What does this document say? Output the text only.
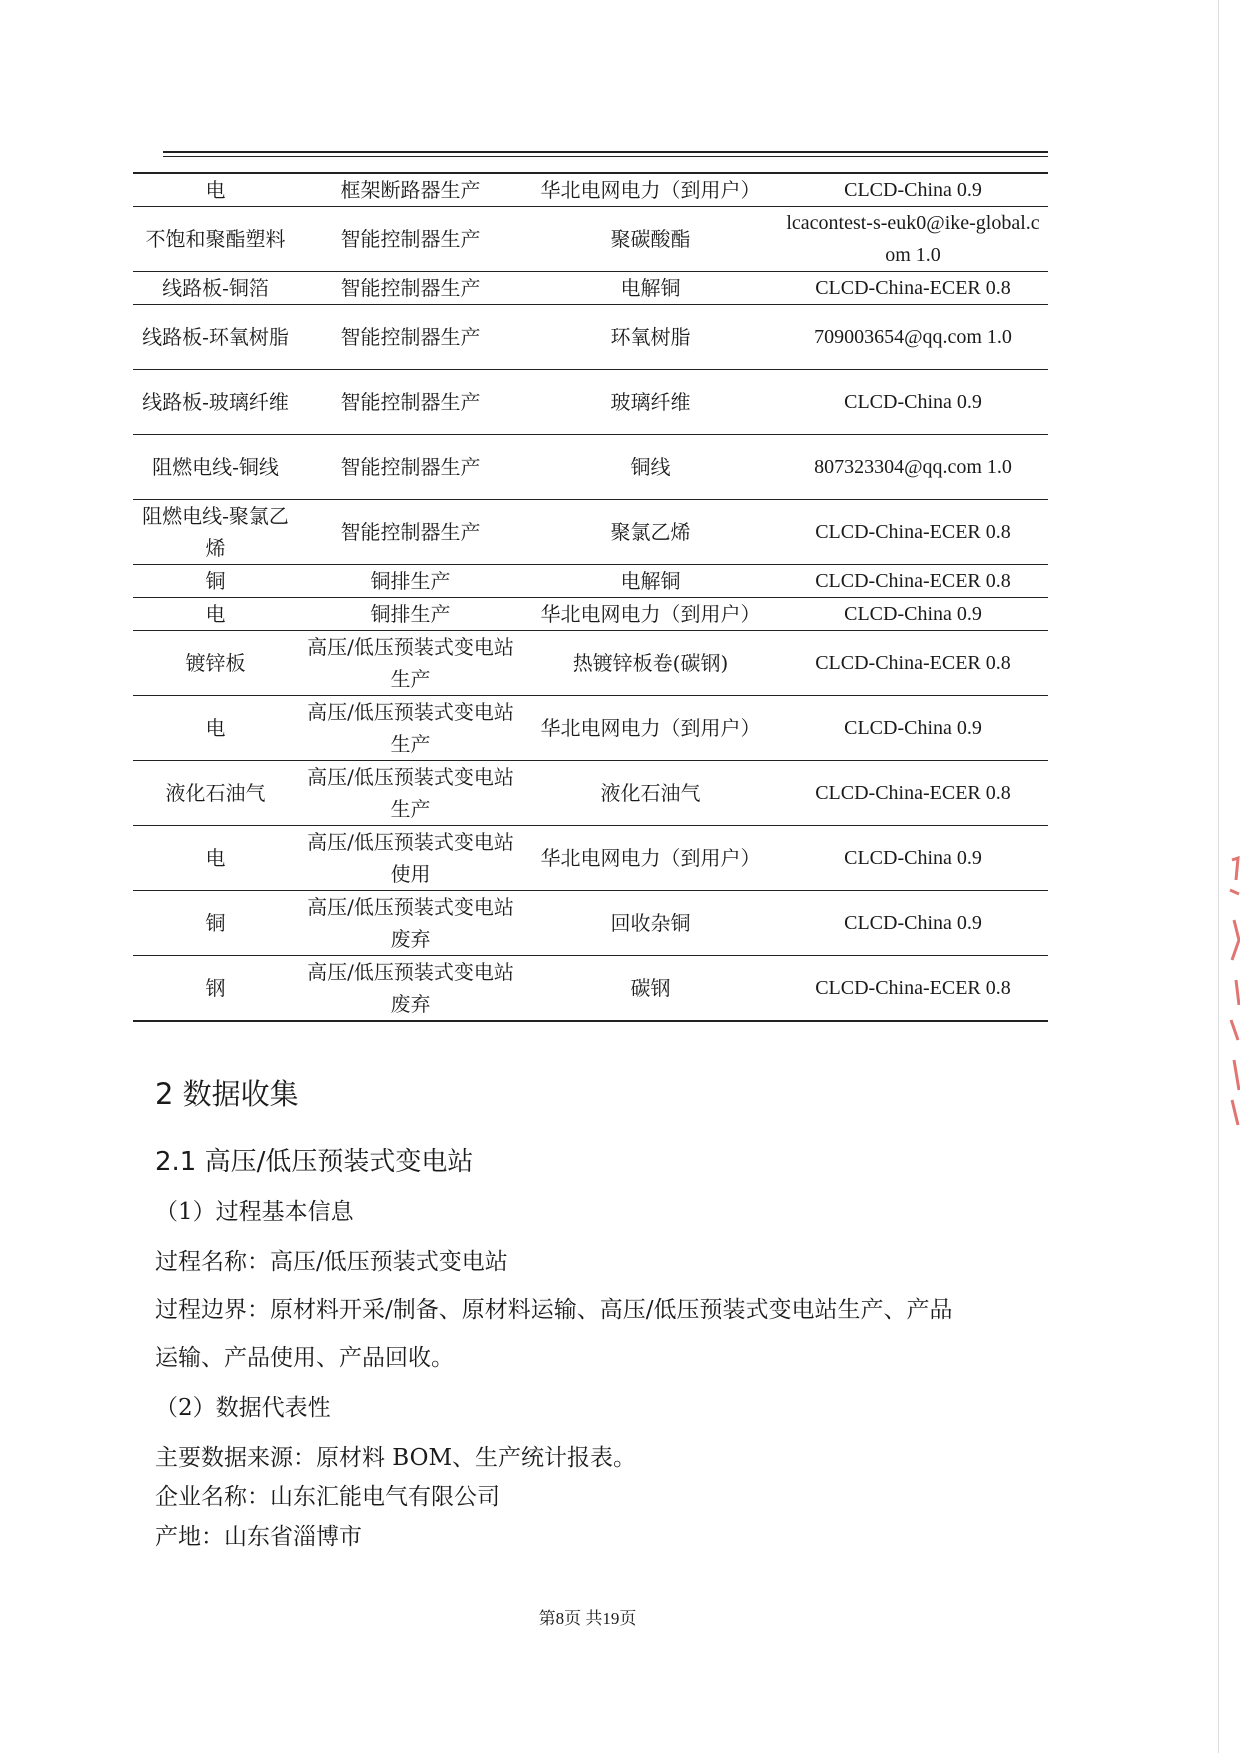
电	框架断路器生产	华北电网电力（到用户）	CLCD-China 0.9
不饱和聚酯塑料	智能控制器生产	聚碳酸酯	lcacontest-s-euk0@ike-global.com 1.0
线路板-铜箔	智能控制器生产	电解铜	CLCD-China-ECER 0.8
线路板-环氧树脂	智能控制器生产	环氧树脂	709003654@qq.com 1.0
线路板-玻璃纤维	智能控制器生产	玻璃纤维	CLCD-China 0.9
阻燃电线-铜线	智能控制器生产	铜线	807323304@qq.com 1.0
阻燃电线-聚氯乙烯	智能控制器生产	聚氯乙烯	CLCD-China-ECER 0.8
铜	铜排生产	电解铜	CLCD-China-ECER 0.8
电	铜排生产	华北电网电力（到用户）	CLCD-China 0.9
镀锌板	高压/低压预装式变电站生产	热镀锌板卷(碳钢)	CLCD-China-ECER 0.8
电	高压/低压预装式变电站生产	华北电网电力（到用户）	CLCD-China 0.9
液化石油气	高压/低压预装式变电站生产	液化石油气	CLCD-China-ECER 0.8
电	高压/低压预装式变电站使用	华北电网电力（到用户）	CLCD-China 0.9
铜	高压/低压预装式变电站废弃	回收杂铜	CLCD-China 0.9
钢	高压/低压预装式变电站废弃	碳钢	CLCD-China-ECER 0.8
2 数据收集
2.1 高压/低压预装式变电站
（1）过程基本信息
过程名称：高压/低压预装式变电站
过程边界：原材料开采/制备、原材料运输、高压/低压预装式变电站生产、产品
运输、产品使用、产品回收。
（2）数据代表性
主要数据来源：原材料 BOM、生产统计报表。
企业名称：山东汇能电气有限公司
产地：山东省淄博市
第8页 共19页
